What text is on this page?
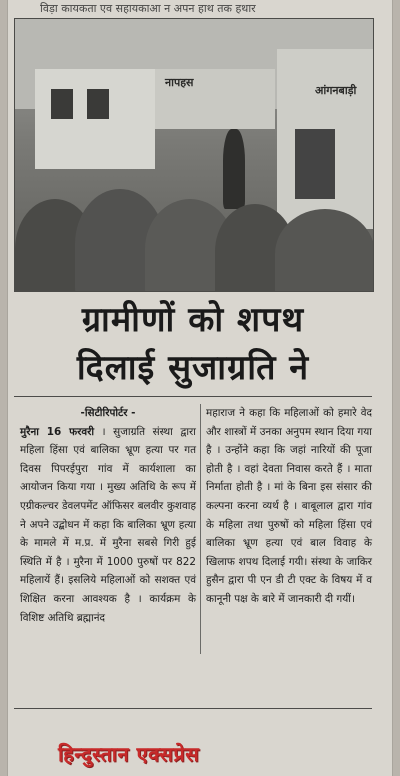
विड़ा कायकता एव सहायकाआ न अपन हाथ तक हथार
नापहस
आंगनबाड़ी
ग्रामीणों को शपथ
दिलाई सुजाग्रति ने
-सिटीरिपोर्टर -
मुरैना 16 फरवरी । सुजाग्रति संस्था द्वारा महिला हिंसा एवं बालिका भ्रूण हत्या पर गत दिवस पिपरईपुरा गांव में कार्यशाला का आयोजन किया गया । मुख्य अतिथि के रूप में एग्रीकल्चर डेवलपमेंट ऑफिसर बलवीर कुशवाह ने अपने उद्बोधन में कहा कि बालिका भ्रूण हत्या के मामले में म.प्र. में मुरैना सबसे गिरी हुई स्थिति में है । मुरैना में 1000 पुरुषों पर 822 महिलायें हैं। इसलिये महिलाओं को सशक्त एवं शिक्षित करना आवश्यक है । कार्यक्रम के विशिष्ट अतिथि ब्रह्मानंद
महाराज ने कहा कि महिलाओं को हमारे वेद और शास्त्रों में उनका अनुपम स्थान दिया गया है । उन्होंने कहा कि जहां नारियों की पूजा होती है । वहां देवता निवास करते हैं । माता निर्माता होती है । मां के बिना इस संसार की कल्पना करना व्यर्थ है । बाबूलाल द्वारा गांव के महिला तथा पुरुषों को महिला हिंसा एवं बालिका भ्रूण हत्या एवं बाल विवाह के खिलाफ शपथ दिलाई गयी। संस्था के जाकिर हुसैन द्वारा पी एन डी टी एक्ट के विषय में व कानूनी पक्ष के बारे में जानकारी दी गयीं।
हिन्दुस्तान एक्सप्रेस
